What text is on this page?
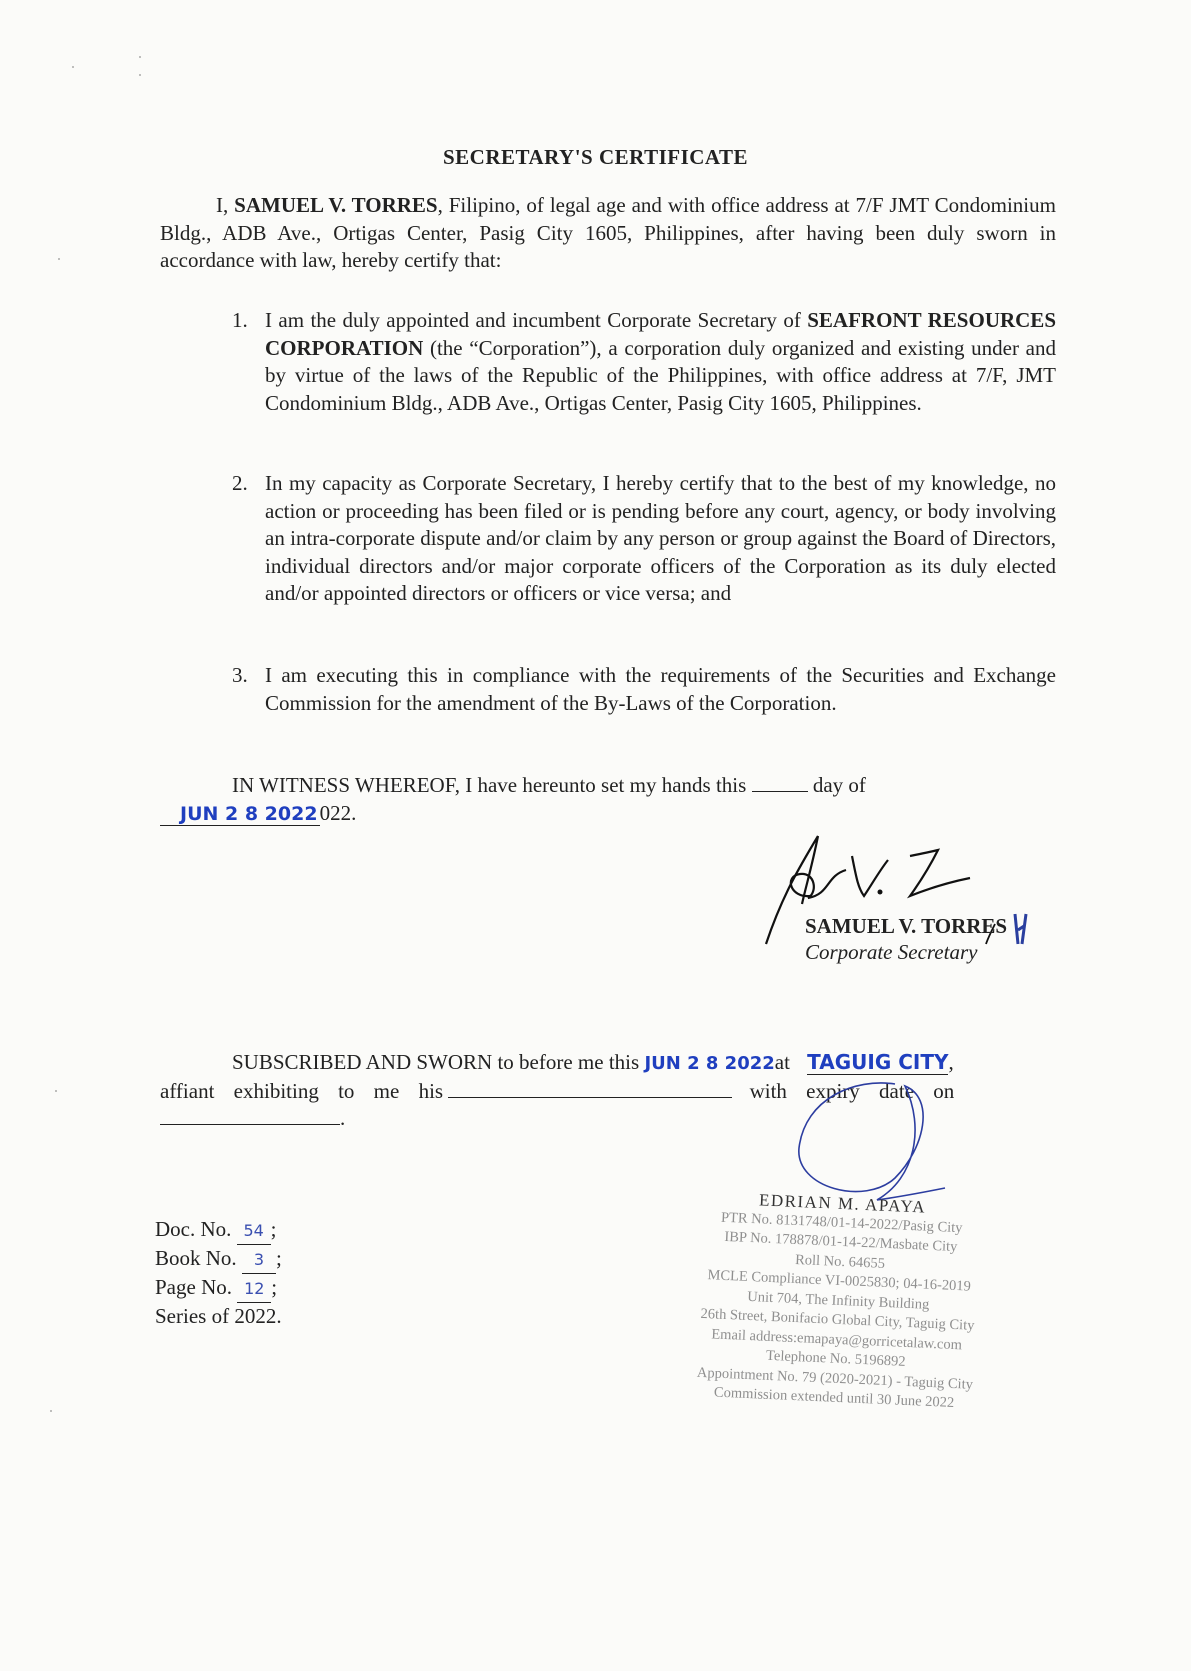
SECRETARY'S CERTIFICATE
I, SAMUEL V. TORRES, Filipino, of legal age and with office address at 7/F JMT Condominium Bldg., ADB Ave., Ortigas Center, Pasig City 1605, Philippines, after having been duly sworn in accordance with law, hereby certify that:
1. I am the duly appointed and incumbent Corporate Secretary of SEAFRONT RESOURCES CORPORATION (the “Corporation”), a corporation duly organized and existing under and by virtue of the laws of the Republic of the Philippines, with office address at 7/F, JMT Condominium Bldg., ADB Ave., Ortigas Center, Pasig City 1605, Philippines.
2. In my capacity as Corporate Secretary, I hereby certify that to the best of my knowledge, no action or proceeding has been filed or is pending before any court, agency, or body involving an intra-corporate dispute and/or claim by any person or group against the Board of Directors, individual directors and/or major corporate officers of the Corporation as its duly elected and/or appointed directors or officers or vice versa; and
3. I am executing this in compliance with the requirements of the Securities and Exchange Commission for the amendment of the By-Laws of the Corporation.
IN WITNESS WHEREOF, I have hereunto set my hands this	day of
JUN 2 8 2022022.
SAMUEL V. TORRES
Corporate Secretary
SUBSCRIBED AND SWORN to before me this JUN 2 8 2022at TAGUIG CITY,
affiant exhibiting to me his	with expiry date on
.
Doc. No. 54 ;
Book No. 3 ;
Page No. 12 ;
Series of 2022.
EDRIAN M. APAYA
PTR No. 8131748/01-14-2022/Pasig City
IBP No. 178878/01-14-22/Masbate City
Roll No. 64655
MCLE Compliance VI-0025830; 04-16-2019
Unit 704, The Infinity Building
26th Street, Bonifacio Global City, Taguig City
Email address:emapaya@gorricetalaw.com
Telephone No. 5196892
Appointment No. 79 (2020-2021) - Taguig City
Commission extended until 30 June 2022
